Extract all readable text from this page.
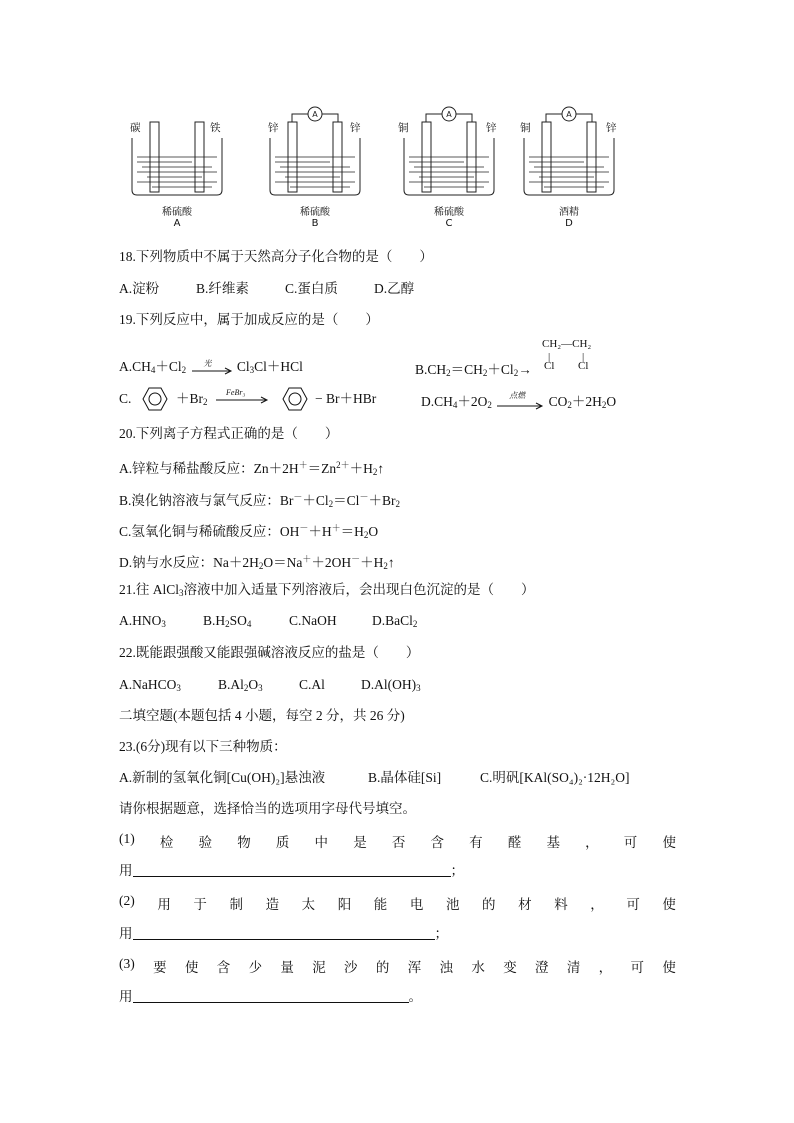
A	A	A
碳	铁	锌	锌	铜	锌 铜	锌
稀硫酸
A
稀硫酸
B
稀硫酸
C
酒精
D
18.下列物质中不属于天然高分子化合物的是（　　）
A.淀粉	B.纤维素	C.蛋白质	D.乙醇
19.下列反应中，属于加成反应的是（　　）
$A.CH_4+Cl_2$
光 $Cl_3Cl+HCl$
CH₂—CH₂
$B.CH_2=CH_2+Cl_2\to$
|	|
Cl Cl
C.	$+Br_2$
FeBr₃	− Br＋HBr	$D.CH_4+2O_2$
点燃 $CO_2+2H_2O$
20.下列离子方程式正确的是（　　）
A.锌粒与稀盐酸反应：$Zn+2H^+=Zn^{2+}+H_2↑$
B.溴化钠溶液与氯气反应：$Br^-+Cl_2=Cl^-+Br_2$
C.氢氧化铜与稀硫酸反应：$OH^-+H^+=H_2O$
D.钠与水反应：$Na+2H_2O=Na^++2OH^-+H_2↑$
21.往 AlCl$_3$溶液中加入适量下列溶液后，会出现白色沉淀的是（　　）
$A.HNO_3$	$B.H_2SO_4$	C.NaOH	D.BaCl$_2$
22.既能跟强酸又能跟强碱溶液反应的盐是（　　）
A.NaHCO$_3$	$B.Al_2O_3$	C.Al	$D.Al(OH)_3$
二填空题(本题包括 4 小题，每空 2 分，共 26 分)
23.(6分)现有以下三种物质：
A.新制的氢氧化铜[Cu(OH)₂]悬浊液	B.晶体硅[Si]	C.明矾[KAl(SO₄)₂·12H₂O]
请你根据题意，选择恰当的选项用字母代号填空。
(1) 检 验 物 质 中 是 否 含 有 醛 基 ， 可 使
用	；
(2) 用 于 制 造 太 阳 能 电 池 的 材 料 ， 可 使
用	；
(3) 要 使 含 少 量 泥 沙 的 浑 浊 水 变 澄 清 ， 可 使
用	。
